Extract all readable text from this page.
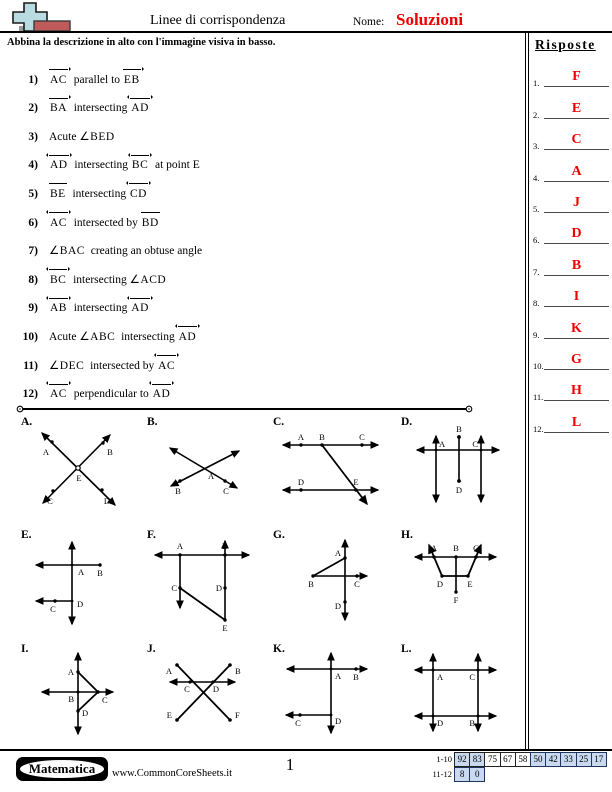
Linee di corrispondenza	Nome: Soluzioni
Abbina la descrizione in alto con l'immagine visiva in basso.
1) AC  parallel to
EB
2) BA  intersecting
AD
3) Acute ∠BED
4) AD  intersecting
BC  at point E
5) BE  intersecting
CD
6) AC  intersected by
BD
7) ∠BAC  creating an obtuse angle
8) BC  intersecting ∠ACD
9) AB  intersecting
AD
10) Acute ∠ABC  intersecting
AD
11) ∠DEC  intersected by
AC
12) AC  perpendicular to
AD
Risposte
1.	F
2.	E
3.	C
4.	A
5.	J
6.	D
7.	B
8.	I
9.	K
10.	G
11.	H
12.	L
A.
A	B
C	D
E
B.
A
B	C
C.
A B	C
D	E
D.
B
D
A	C
E.
A B
C D
F.
A	B
C	D
E
G.
A
B	C
D
H.
A B C
D	E
F
I.
A
B	C
D
J.
A	B
C	D
E	F
K.
A B
C	D
L.
A	C
D	B
Matematica	www.CommonCoreSheets.it	1	1-10 92 83 75 67 58 50 42 33 25 17
11-12 8	0
